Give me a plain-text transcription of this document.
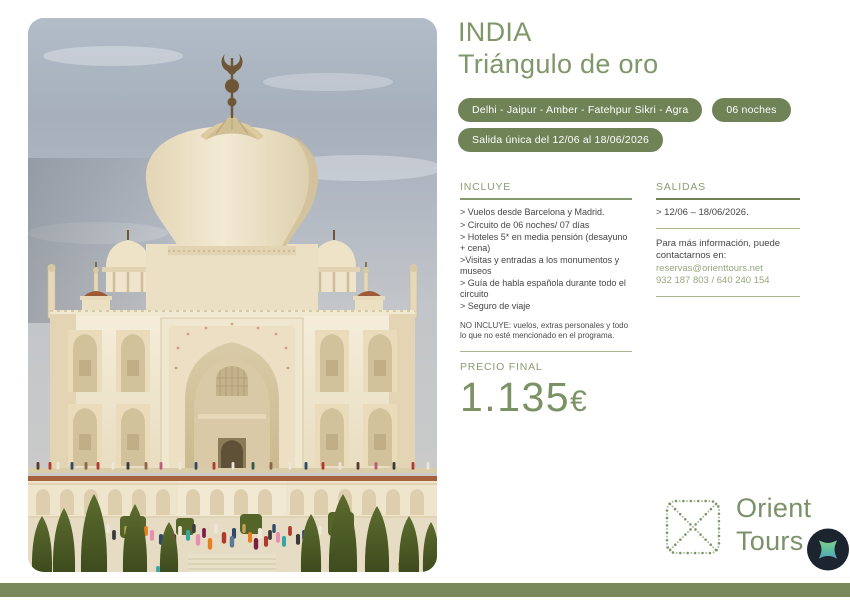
INDIA
Triángulo de oro
Delhi - Jaipur - Amber - Fatehpur Sikri - Agra	06 noches
Salida única del 12/06 al 18/06/2026
INCLUYE
> Vuelos desde Barcelona y Madrid.
> Circuito de 06 noches/ 07 días
> Hoteles 5* en media pensión (desayuno + cena)
>Visitas y entradas a los monumentos y museos
> Guía de habla española durante todo el circuito
> Seguro de viaje

NO INCLUYE: vuelos, extras personales y todo lo que no esté mencionado en el programa.

PRECIO FINAL
1.135€
SALIDAS
> 12/06 – 18/06/2026.

Para más información, puede contactarnos en:

reservas@orienttours.net
932 187 803 / 640 240 154
Orient
Tours
